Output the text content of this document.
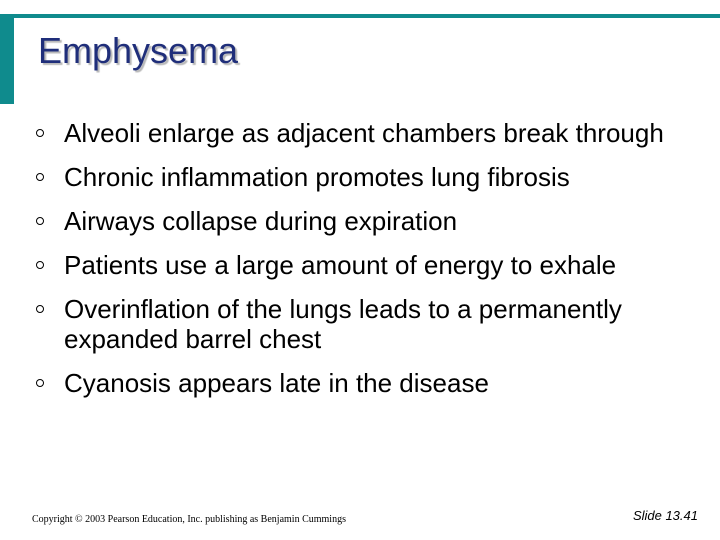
Emphysema
Alveoli enlarge as adjacent chambers break through
Chronic inflammation promotes lung fibrosis
Airways collapse during expiration
Patients use a large amount of energy to exhale
Overinflation of the lungs leads to a permanently expanded barrel chest
Cyanosis appears late in the disease
Copyright © 2003 Pearson Education, Inc. publishing as Benjamin Cummings	Slide 13.41
